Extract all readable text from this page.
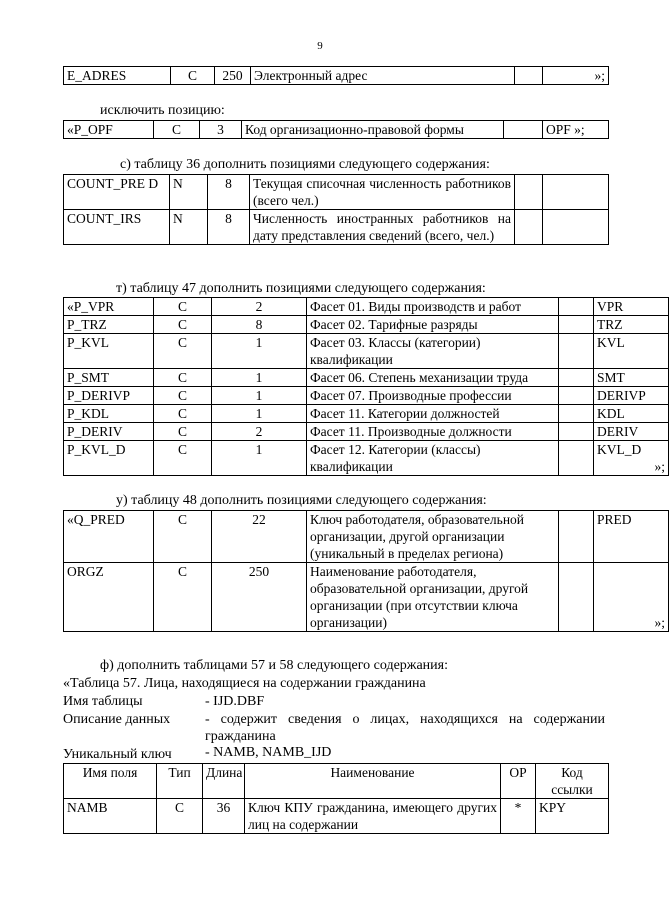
9
E_ADRES	C	250	Электронный адрес		»;
исключить позицию:
«P_OPF	C	3	Код организационно-правовой формы		OPF »;
с) таблицу 36 дополнить позициями следующего содержания:
COUNT_PRE D	N	8	Текущая списочная численность работников (всего чел.)		
COUNT_IRS	N	8	Численность иностранных работников на дату представления сведений (всего, чел.)		
т) таблицу 47 дополнить позициями следующего содержания:
«P_VPR	C	2	Фасет 01. Виды производств и работ		VPR
P_TRZ	C	8	Фасет 02. Тарифные разряды		TRZ
P_KVL	C	1	Фасет 03. Классы (категории) квалификации		KVL
P_SMT	C	1	Фасет 06. Степень механизации труда		SMT
P_DERIVP	C	1	Фасет 07. Производные профессии		DERIVP
P_KDL	C	1	Фасет 11. Категории должностей		KDL
P_DERIV	C	2	Фасет 11. Производные должности		DERIV
P_KVL_D	C	1	Фасет 12. Категории (классы) квалификации		KVL_D
»;
у) таблицу 48 дополнить позициями следующего содержания:
«Q_PRED	C	22	Ключ работодателя, образовательной организации, другой организации (уникальный в пределах региона)		PRED
ORGZ	C	250	Наименование работодателя, образовательной организации, другой организации (при отсутствии ключа организации)		»;
ф) дополнить таблицами 57 и 58 следующего содержания:
«Таблица 57. Лица, находящиеся на содержании гражданина
Имя таблицы	- IJD.DBF
Описание данных - содержит сведения о лицах, находящихся на содержании гражданина
Уникальный ключ - NAMB, NAMB_IJD
Имя поля	Тип	Длина	Наименование	ОР	Код ссылки
NAMB	C	36	Ключ КПУ гражданина, имеющего других лиц на содержании	*	KPY
